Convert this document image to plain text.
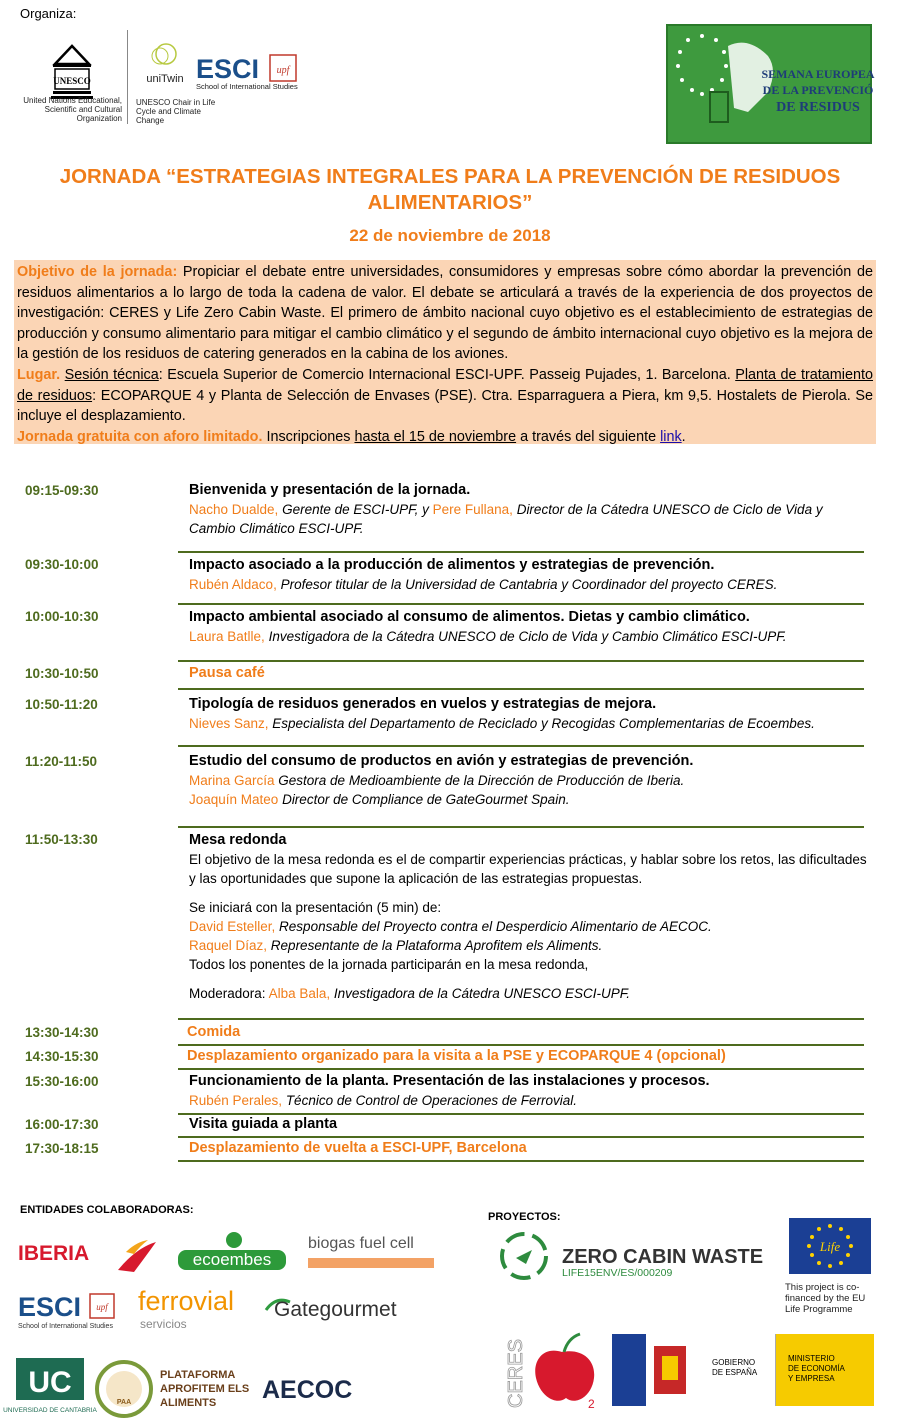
Organiza:
UNESCO
United Nations Educational, Scientific and Cultural Organization
uniTwin
UNESCO Chair in Life Cycle and Climate Change
ESCI upf
School of International Studies
SEMANA EUROPEA
DE LA PREVENCIÓ
DE RESIDUS
JORNADA “ESTRATEGIAS INTEGRALES PARA LA PREVENCIÓN DE RESIDUOS
ALIMENTARIOS”
22 de noviembre de 2018
Objetivo de la jornada: Propiciar el debate entre universidades, consumidores y empresas sobre cómo abordar la prevención de residuos alimentarios a lo largo de toda la cadena de valor. El debate se articulará a través de la experiencia de dos proyectos de investigación: CERES y Life Zero Cabin Waste. El primero de ámbito nacional cuyo objetivo es el establecimiento de estrategias de producción y consumo alimentario para mitigar el cambio climático y el segundo de ámbito internacional cuyo objetivo es la mejora de la gestión de los residuos de catering generados en la cabina de los aviones.
Lugar. Sesión técnica: Escuela Superior de Comercio Internacional ESCI-UPF. Passeig Pujades, 1. Barcelona. Planta de tratamiento de residuos: ECOPARQUE 4 y Planta de Selección de Envases (PSE). Ctra. Esparraguera a Piera, km 9,5. Hostalets de Pierola. Se incluye el desplazamiento.
Jornada gratuita con aforo limitado. Inscripciones hasta el 15 de noviembre a través del siguiente link.
09:15-09:30	Bienvenida y presentación de la jornada.
Nacho Dualde, Gerente de ESCI-UPF, y Pere Fullana, Director de la Cátedra UNESCO de Ciclo de Vida y Cambio Climático ESCI-UPF.
09:30-10:00	Impacto asociado a la producción de alimentos y estrategias de prevención.
Rubén Aldaco, Profesor titular de la Universidad de Cantabria y Coordinador del proyecto CERES.
10:00-10:30	Impacto ambiental asociado al consumo de alimentos. Dietas y cambio climático.
Laura Batlle, Investigadora de la Cátedra UNESCO de Ciclo de Vida y Cambio Climático ESCI-UPF.
10:30-10:50	Pausa café
10:50-11:20	Tipología de residuos generados en vuelos y estrategias de mejora.
Nieves Sanz, Especialista del Departamento de Reciclado y Recogidas Complementarias de Ecoembes.
11:20-11:50	Estudio del consumo de productos en avión y estrategias de prevención.
Marina García Gestora de Medioambiente de la Dirección de Producción de Iberia.
Joaquín Mateo Director de Compliance de GateGourmet Spain.
11:50-13:30	Mesa redonda
El objetivo de la mesa redonda es el de compartir experiencias prácticas, y hablar sobre los retos, las dificultades y las oportunidades que supone la aplicación de las estrategias propuestas.
Se iniciará con la presentación (5 min) de:
David Esteller, Responsable del Proyecto contra el Desperdicio Alimentario de AECOC.
Raquel Díaz, Representante de la Plataforma Aprofitem els Aliments.
Todos los ponentes de la jornada participarán en la mesa redonda,
Moderadora: Alba Bala, Investigadora de la Cátedra UNESCO ESCI-UPF.
13:30-14:30	Comida
14:30-15:30	Desplazamiento organizado para la visita a la PSE y ECOPARQUE 4 (opcional)
15:30-16:00	Funcionamiento de la planta. Presentación de las instalaciones y procesos.
Rubén Perales, Técnico de Control de Operaciones de Ferrovial.
16:00-17:30	Visita guiada a planta
17:30-18:15	Desplazamiento de vuelta a ESCI-UPF, Barcelona
ENTIDADES COLABORADORAS:
PROYECTOS:
IBERIA	ecoembes
biogas fuel cell
ESCI upf
School of International Studies
ferrovial
servicios
Gategourmet
UC
UNIVERSIDAD DE CANTABRIA
PAA
PLATAFORMA
APROFITEM ELS
ALIMENTS AECOC
ZERO CABIN WASTE
LIFE15ENV/ES/000209
Life
This project is co-financed by the EU Life Programme
CERES	2
GOBIERNO
DE ESPAÑA
MINISTERIO
DE ECONOMÍA
Y EMPRESA
